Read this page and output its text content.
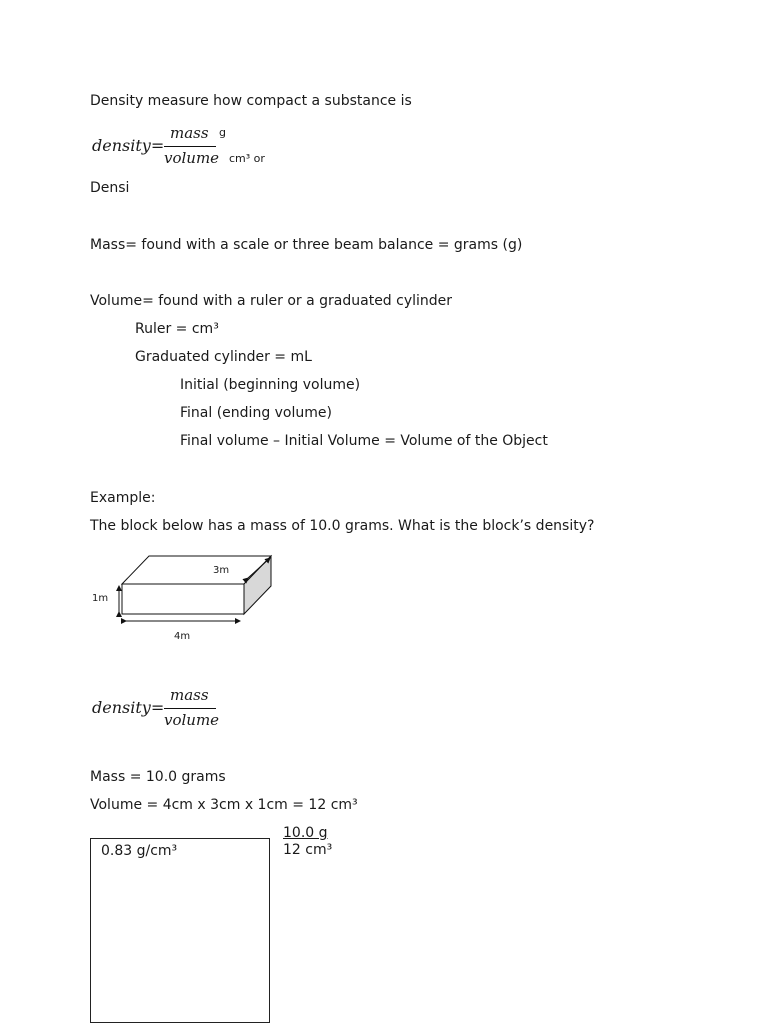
Density measure how compact a substance is
density=
mass
volume
g
cm³ or
Densi
Mass= found with a scale or three beam balance = grams (g)
Volume= found with a ruler or a graduated cylinder
Ruler = cm³
Graduated cylinder = mL
Initial (beginning volume)
Final (ending volume)
Final volume – Initial Volume = Volume of the Object
Example:
The block below has a mass of 10.0 grams. What is the block’s density?
1m
3m
4m
density=
mass
volume
Mass = 10.0 grams
Volume = 4cm x 3cm x 1cm = 12 cm³
0.83 g/cm³	$\frac{10.0 g}{\text{12 cm³}}$
